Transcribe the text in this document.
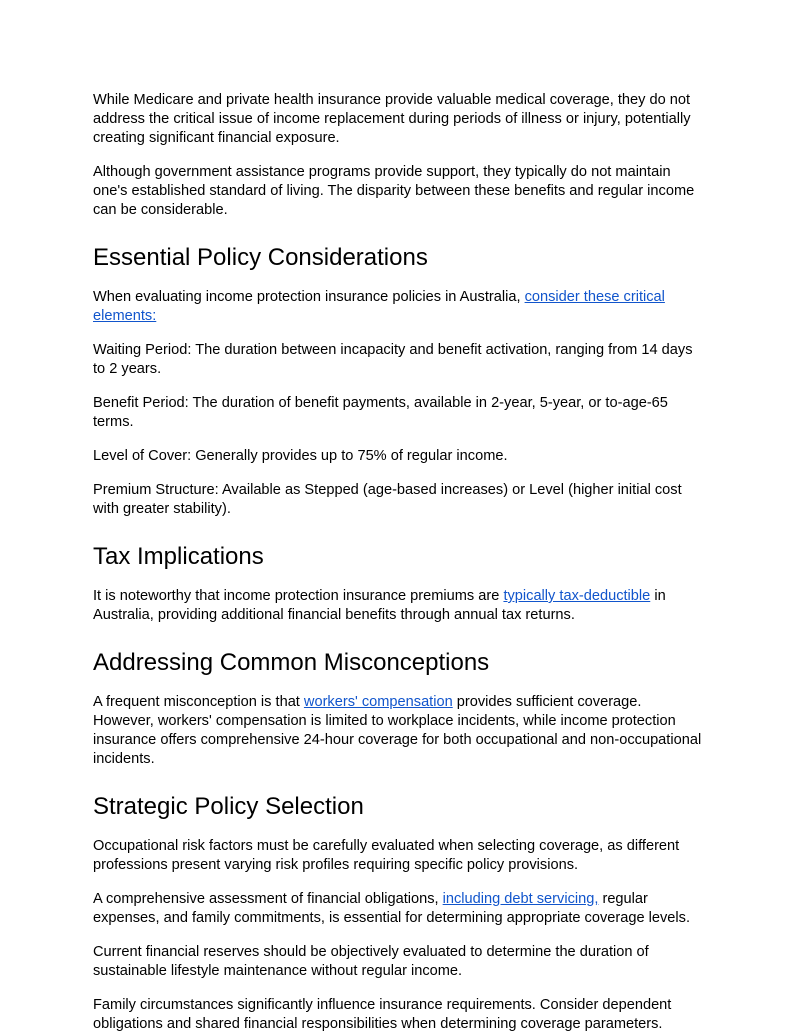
While Medicare and private health insurance provide valuable medical coverage, they do not address the critical issue of income replacement during periods of illness or injury, potentially creating significant financial exposure.

Although government assistance programs provide support, they typically do not maintain one's established standard of living. The disparity between these benefits and regular income can be considerable.

Essential Policy Considerations

When evaluating income protection insurance policies in Australia, consider these critical elements:

Waiting Period: The duration between incapacity and benefit activation, ranging from 14 days to 2 years.

Benefit Period: The duration of benefit payments, available in 2-year, 5-year, or to-age-65 terms.

Level of Cover: Generally provides up to 75% of regular income.

Premium Structure: Available as Stepped (age-based increases) or Level (higher initial cost with greater stability).

Tax Implications

It is noteworthy that income protection insurance premiums are typically tax-deductible in Australia, providing additional financial benefits through annual tax returns.

Addressing Common Misconceptions

A frequent misconception is that workers' compensation provides sufficient coverage. However, workers' compensation is limited to workplace incidents, while income protection insurance offers comprehensive 24-hour coverage for both occupational and non-occupational incidents.

Strategic Policy Selection

Occupational risk factors must be carefully evaluated when selecting coverage, as different professions present varying risk profiles requiring specific policy provisions.

A comprehensive assessment of financial obligations, including debt servicing, regular expenses, and family commitments, is essential for determining appropriate coverage levels.

Current financial reserves should be objectively evaluated to determine the duration of sustainable lifestyle maintenance without regular income.

Family circumstances significantly influence insurance requirements. Consider dependent obligations and shared financial responsibilities when determining coverage parameters.
